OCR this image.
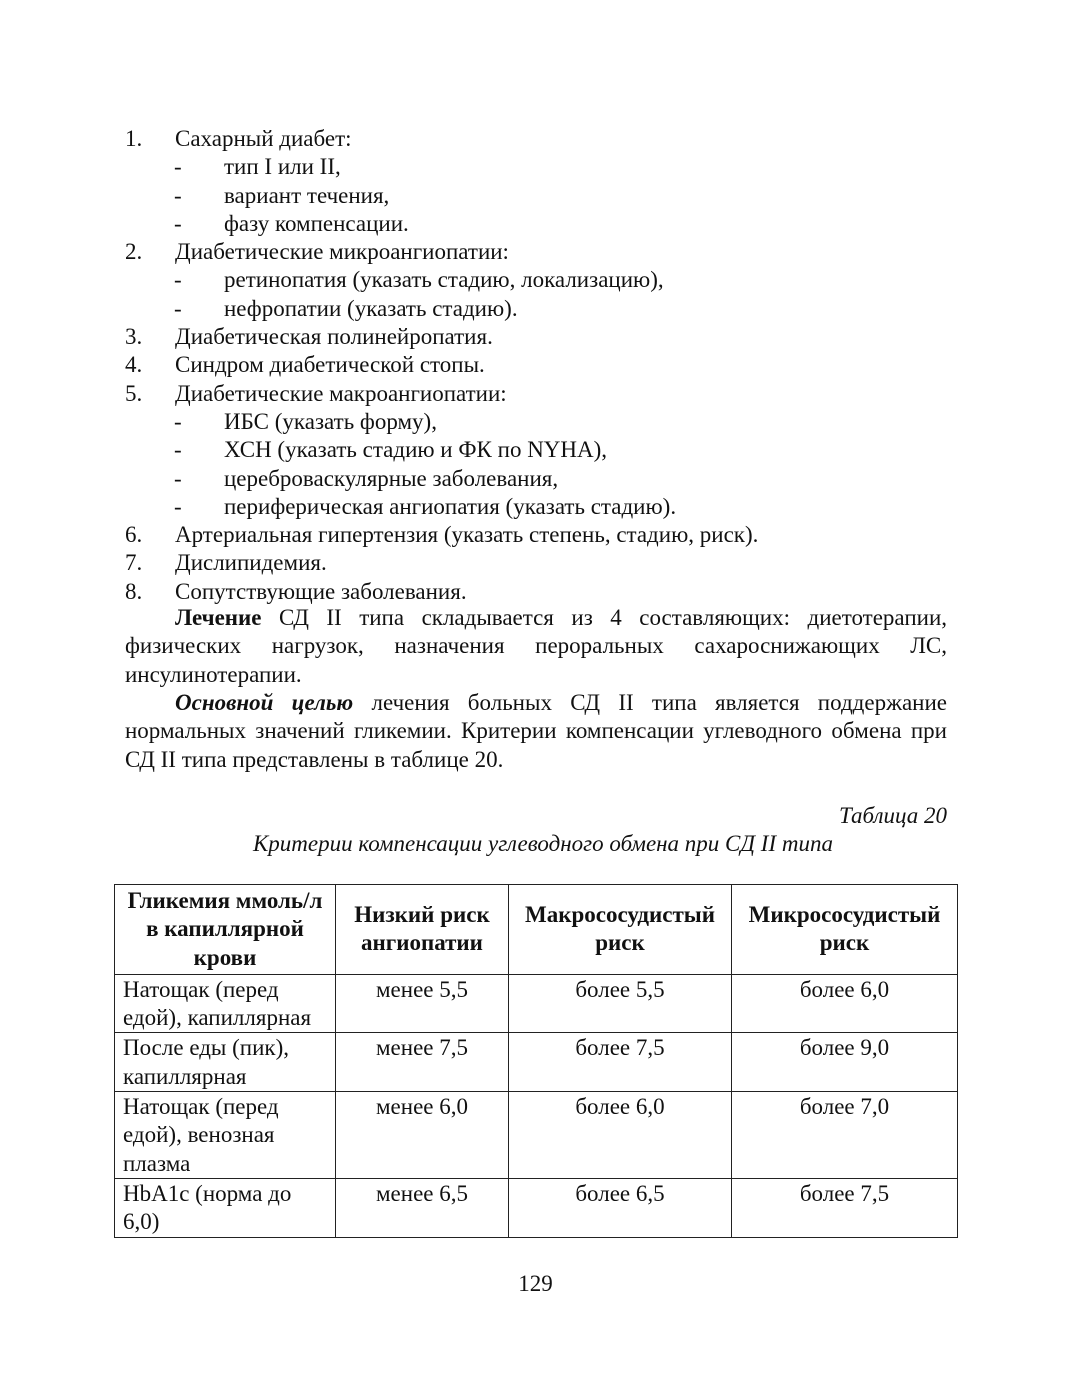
1. Сахарный диабет:
- тип I или II,
- вариант течения,
- фазу компенсации.
2. Диабетические микроангиопатии:
- ретинопатия (указать стадию, локализацию),
- нефропатии (указать стадию).
3. Диабетическая полинейропатия.
4. Синдром диабетической стопы.
5. Диабетические макроангиопатии:
- ИБС (указать форму),
- ХСН (указать стадию и ФК по NYHA),
- цереброваскулярные заболевания,
- периферическая ангиопатия (указать стадию).
6. Артериальная гипертензия (указать степень, стадию, риск).
7. Дислипидемия.
8. Сопутствующие заболевания.

Лечение СД II типа складывается из 4 составляющих: диетотерапии, физических нагрузок, назначения пероральных сахароснижающих ЛС, инсулинотерапии.

Основной целью лечения больных СД II типа является поддержание нормальных значений гликемии. Критерии компенсации углеводного обмена при СД II типа представлены в таблице 20.

Таблица 20
Критерии компенсации углеводного обмена при СД II типа
Гликемия ммоль/л в капиллярной крови	Низкий риск ангиопатии	Макрососудистый риск	Микрососудистый риск
Натощак (перед едой), капиллярная	менее 5,5	более 5,5	более 6,0
После еды (пик), капиллярная	менее 7,5	более 7,5	более 9,0
Натощак (перед едой), венозная плазма	менее 6,0	более 6,0	более 7,0
HbA1c (норма до 6,0)	менее 6,5	более 6,5	более 7,5
129
